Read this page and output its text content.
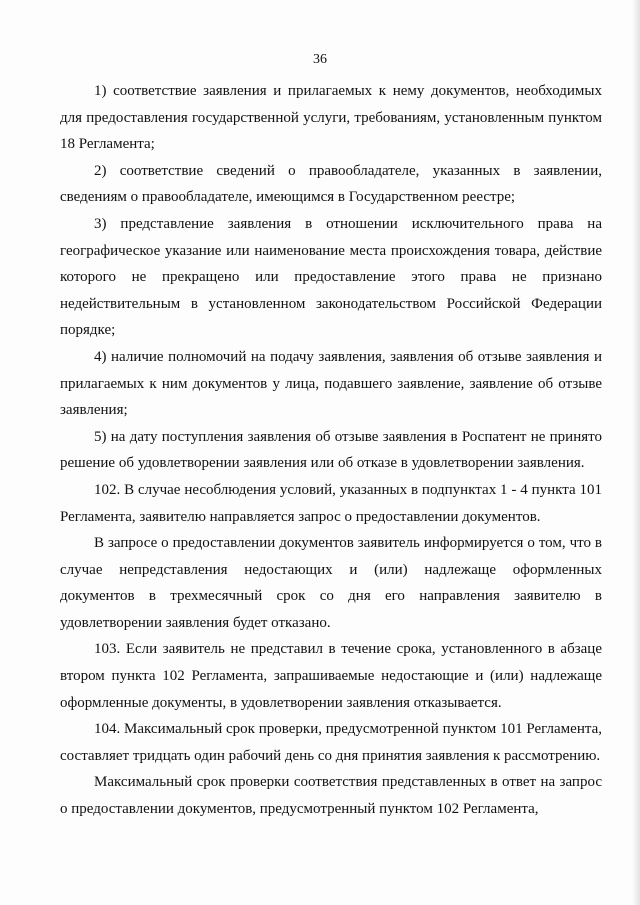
36

1) соответствие заявления и прилагаемых к нему документов, необходимых для предоставления государственной услуги, требованиям, установленным пунктом 18 Регламента;

2) соответствие сведений о правообладателе, указанных в заявлении, сведениям о правообладателе, имеющимся в Государственном реестре;

3) представление заявления в отношении исключительного права на географическое указание или наименование места происхождения товара, действие которого не прекращено или предоставление этого права не признано недействительным в установленном законодательством Российской Федерации порядке;

4) наличие полномочий на подачу заявления, заявления об отзыве заявления и прилагаемых к ним документов у лица, подавшего заявление, заявление об отзыве заявления;

5) на дату поступления заявления об отзыве заявления в Роспатент не принято решение об удовлетворении заявления или об отказе в удовлетворении заявления.

102. В случае несоблюдения условий, указанных в подпунктах 1 - 4 пункта 101 Регламента, заявителю направляется запрос о предоставлении документов.

В запросе о предоставлении документов заявитель информируется о том, что в случае непредставления недостающих и (или) надлежаще оформленных документов в трехмесячный срок со дня его направления заявителю в удовлетворении заявления будет отказано.

103. Если заявитель не представил в течение срока, установленного в абзаце втором пункта 102 Регламента, запрашиваемые недостающие и (или) надлежаще оформленные документы, в удовлетворении заявления отказывается.

104. Максимальный срок проверки, предусмотренной пунктом 101 Регламента, составляет тридцать один рабочий день со дня принятия заявления к рассмотрению.

Максимальный срок проверки соответствия представленных в ответ на запрос о предоставлении документов, предусмотренный пунктом 102 Регламента,
